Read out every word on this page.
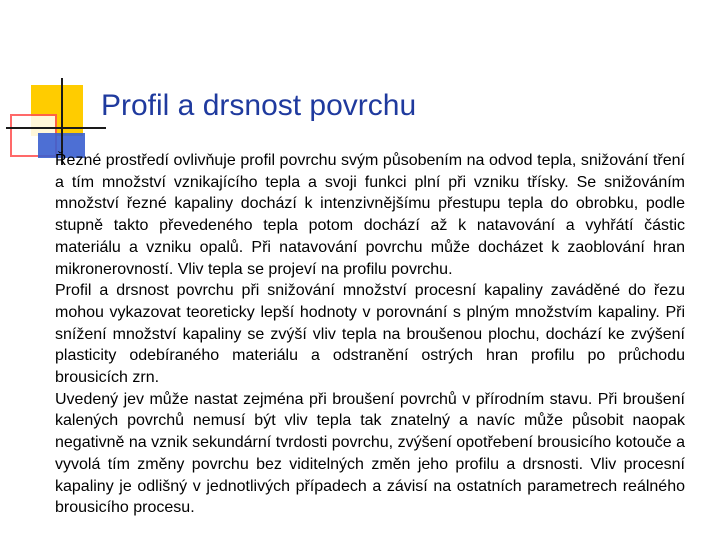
Profil a drsnost povrchu

Řezné prostředí ovlivňuje profil povrchu svým působením na odvod tepla, snižování tření a tím množství vznikajícího tepla a svoji funkci plní při vzniku třísky. Se snižováním množství řezné kapaliny dochází k intenzivnějšímu přestupu tepla do obrobku, podle stupně takto převedeného tepla potom dochází až k natavování a vyhřátí částic materiálu a vzniku opalů. Při natavování povrchu může docházet k zaoblování hran mikronerovností. Vliv tepla se projeví na profilu povrchu.

Profil a drsnost povrchu při snižování množství procesní kapaliny zaváděné do řezu mohou vykazovat teoreticky lepší hodnoty v porovnání s plným množstvím kapaliny. Při snížení množství kapaliny se zvýší vliv tepla na broušenou plochu, dochází ke zvýšení plasticity odebíraného materiálu a odstranění ostrých hran profilu po průchodu brousicích zrn.

Uvedený jev může nastat zejména při broušení povrchů v přírodním stavu. Při broušení kalených povrchů nemusí být vliv tepla tak znatelný a navíc může působit naopak negativně na vznik sekundární tvrdosti povrchu, zvýšení opotřebení brousicího kotouče a vyvolá tím změny povrchu bez viditelných změn jeho profilu a drsnosti. Vliv procesní kapaliny je odlišný v jednotlivých případech a závisí na ostatních parametrech reálného brousicího procesu.
